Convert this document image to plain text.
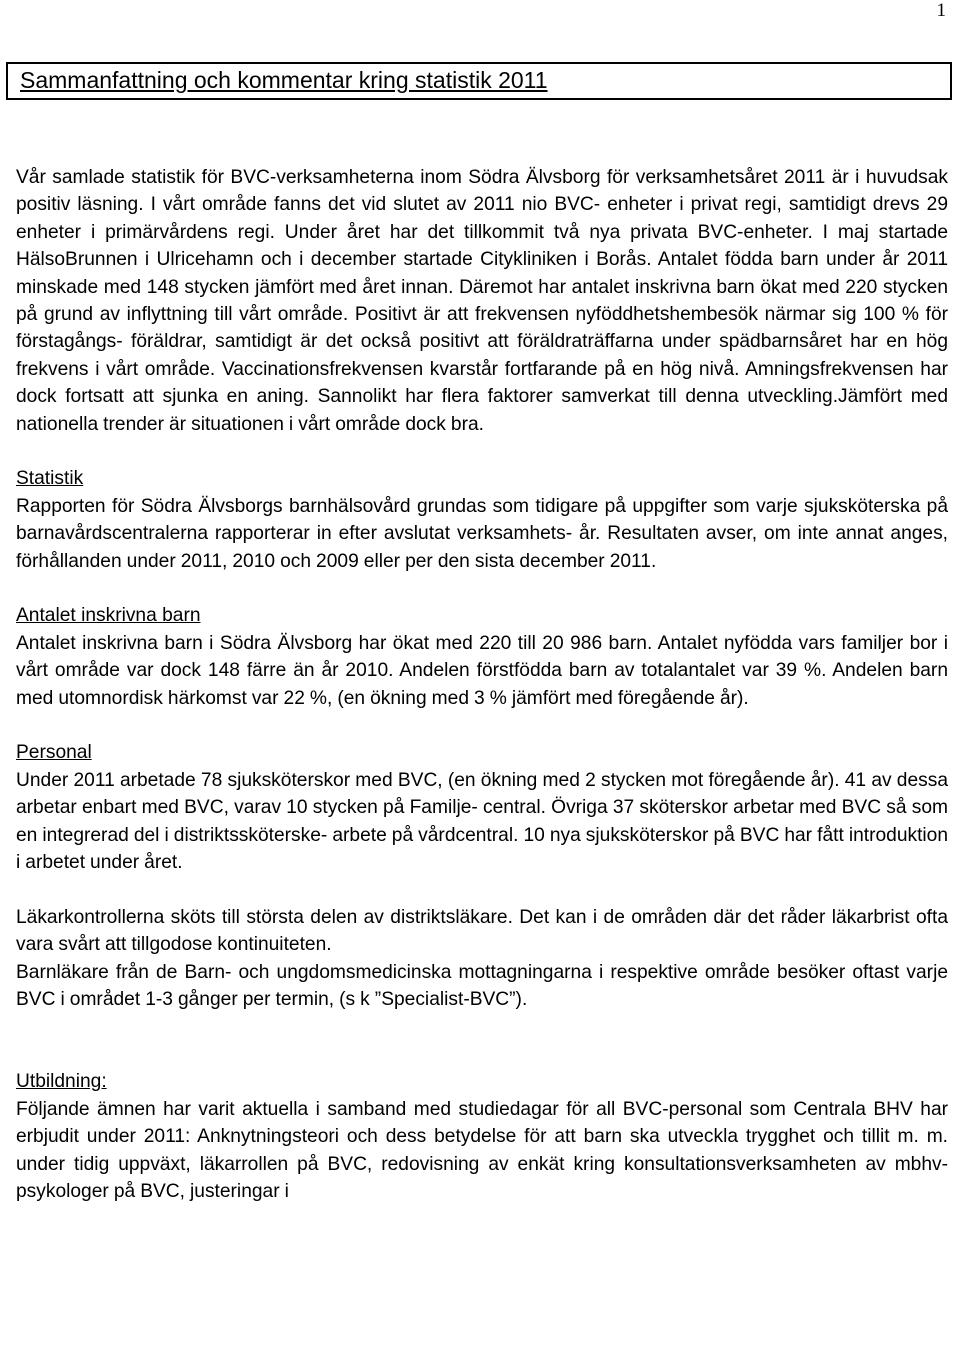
1
Sammanfattning och kommentar kring statistik 2011

Vår samlade statistik för BVC-verksamheterna inom Södra Älvsborg för verksamhetsåret 2011 är i huvudsak positiv läsning. I vårt område fanns det vid slutet av 2011 nio BVC- enheter i privat regi, samtidigt drevs 29 enheter i primärvårdens regi. Under året har det tillkommit två nya privata BVC-enheter. I maj startade HälsoBrunnen i Ulricehamn och i december startade Citykliniken i Borås. Antalet födda barn under år 2011 minskade med 148 stycken jämfört med året innan. Däremot har antalet inskrivna barn ökat med 220 stycken på grund av inflyttning till vårt område. Positivt är att frekvensen nyföddhetshembesök närmar sig 100 % för förstagångs- föräldrar, samtidigt är det också positivt att föräldraträffarna under spädbarnsåret har en hög frekvens i vårt område. Vaccinationsfrekvensen kvarstår fortfarande på en hög nivå. Amningsfrekvensen har dock fortsatt att sjunka en aning. Sannolikt har flera faktorer samverkat till denna utveckling.Jämfört med nationella trender är situationen i vårt område dock bra.

Statistik

Rapporten för Södra Älvsborgs barnhälsovård grundas som tidigare på uppgifter som varje sjuksköterska på barnavårdscentralerna rapporterar in efter avslutat verksamhets- år. Resultaten avser, om inte annat anges, förhållanden under 2011, 2010 och 2009 eller per den sista december 2011.

Antalet inskrivna barn

Antalet inskrivna barn i Södra Älvsborg har ökat med 220 till 20 986 barn. Antalet nyfödda vars familjer bor i vårt område var dock 148 färre än år 2010. Andelen förstfödda barn av totalantalet var 39 %. Andelen barn med utomnordisk härkomst var 22 %, (en ökning med 3 % jämfört med föregående år).

Personal

Under 2011 arbetade 78 sjuksköterskor med BVC, (en ökning med 2 stycken mot föregående år). 41 av dessa arbetar enbart med BVC, varav 10 stycken på Familje- central. Övriga 37 sköterskor arbetar med BVC så som en integrerad del i distriktssköterske- arbete på vårdcentral. 10 nya sjuksköterskor på BVC har fått introduktion i arbetet under året.

Läkarkontrollerna sköts till största delen av distriktsläkare. Det kan i de områden där det råder läkarbrist ofta vara svårt att tillgodose kontinuiteten.

Barnläkare från de Barn- och ungdomsmedicinska mottagningarna i respektive område besöker oftast varje BVC i området 1-3 gånger per termin, (s k ”Specialist-BVC”).

Utbildning:

Följande ämnen har varit aktuella i samband med studiedagar för all BVC-personal som Centrala BHV har erbjudit under 2011: Anknytningsteori och dess betydelse för att barn ska utveckla trygghet och tillit m. m. under tidig uppväxt, läkarrollen på BVC, redovisning av enkät kring konsultationsverksamheten av mbhv-psykologer på BVC, justeringar i
